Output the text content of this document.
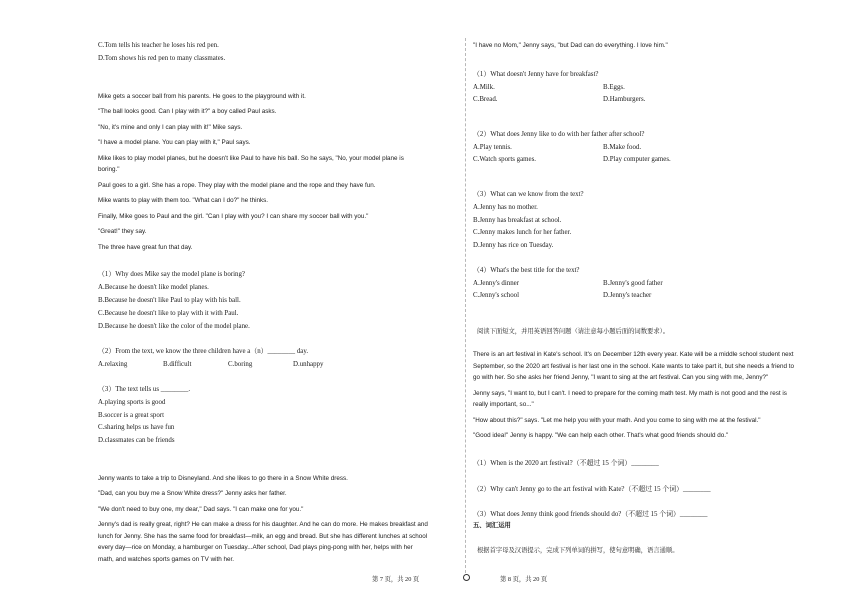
C.Tom tells his teacher he loses his red pen.
D.Tom shows his red pen to many classmates.
Mike gets a soccer ball from his parents. He goes to the playground with it.
"The ball looks good. Can I play with it?" a boy called Paul asks.
"No, it's mine and only I can play with it!" Mike says.
"I have a model plane. You can play with it," Paul says.
Mike likes to play model planes, but he doesn't like Paul to have his ball. So he says, "No, your model plane is
boring."
Paul goes to a girl. She has a rope. They play with the model plane and the rope and they have fun.
Mike wants to play with them too. "What can I do?" he thinks.
Finally, Mike goes to Paul and the girl. "Can I play with you? I can share my soccer ball with you."
"Great!" they say.
The three have great fun that day.
（1）Why does Mike say the model plane is boring?
A.Because he doesn't like model planes.
B.Because he doesn't like Paul to play with his ball.
C.Because he doesn't like to play with it with Paul.
D.Because he doesn't like the color of the model plane.
（2）From the text, we know the three children have a（n）________ day.
A.relaxing	B.difficult	C.boring	D.unhappy
（3）The text tells us ________.
A.playing sports is good
B.soccer is a great sport
C.sharing helps us have fun
D.classmates can be friends
Jenny wants to take a trip to Disneyland. And she likes to go there in a Snow White dress.
"Dad, can you buy me a Snow White dress?" Jenny asks her father.
"We don't need to buy one, my dear," Dad says. "I can make one for you."
Jenny's dad is really great, right? He can make a dress for his daughter. And he can do more. He makes breakfast and
lunch for Jenny. She has the same food for breakfast—milk, an egg and bread. But she has different lunches at school
every day—rice on Monday, a hamburger on Tuesday...After school, Dad plays ping-pong with her, helps with her
math, and watches sports games on TV with her.
"I have no Mom," Jenny says, "but Dad can do everything. I love him."
（1）What doesn't Jenny have for breakfast?
A.Milk.	B.Eggs.
C.Bread.	D.Hamburgers.
（2）What does Jenny like to do with her father after school?
A.Play tennis.	B.Make food.
C.Watch sports games.	D.Play computer games.
（3）What can we know from the text?
A.Jenny has no mother.
B.Jenny has breakfast at school.
C.Jenny makes lunch for her father.
D.Jenny has rice on Tuesday.
（4）What's the best title for the text?
A.Jenny's dinner	B.Jenny's good father
C.Jenny's school	D.Jenny's teacher
阅读下面短文，并用英语回答问题（请注意每小题后面的词数要求）。
There is an art festival in Kate's school. It's on December 12th every year. Kate will be a middle school student next
September, so the 2020 art festival is her last one in the school. Kate wants to take part it, but she needs a friend to
go with her. So she asks her friend Jenny, "I want to sing at the art festival. Can you sing with me, Jenny?"
Jenny says, "I want to, but I can't. I need to prepare for the coming math test. My math is not good and the rest is
really important, so..."
"How about this?" says. "Let me help you with your math. And you come to sing with me at the festival."
"Good idea!" Jenny is happy. "We can help each other. That's what good friends should do."
（1）When is the 2020 art festival?（不超过 15 个词）________
（2）Why can't Jenny go to the art festival with Kate?（不超过 15 个词）________
（3）What does Jenny think good friends should do?（不超过 15 个词）________
五、词汇运用
根据首字母及汉语提示，完成下列单词的拼写，使句意明确，语言通顺。
第 7 页，共 20 页	第 8 页，共 20 页
